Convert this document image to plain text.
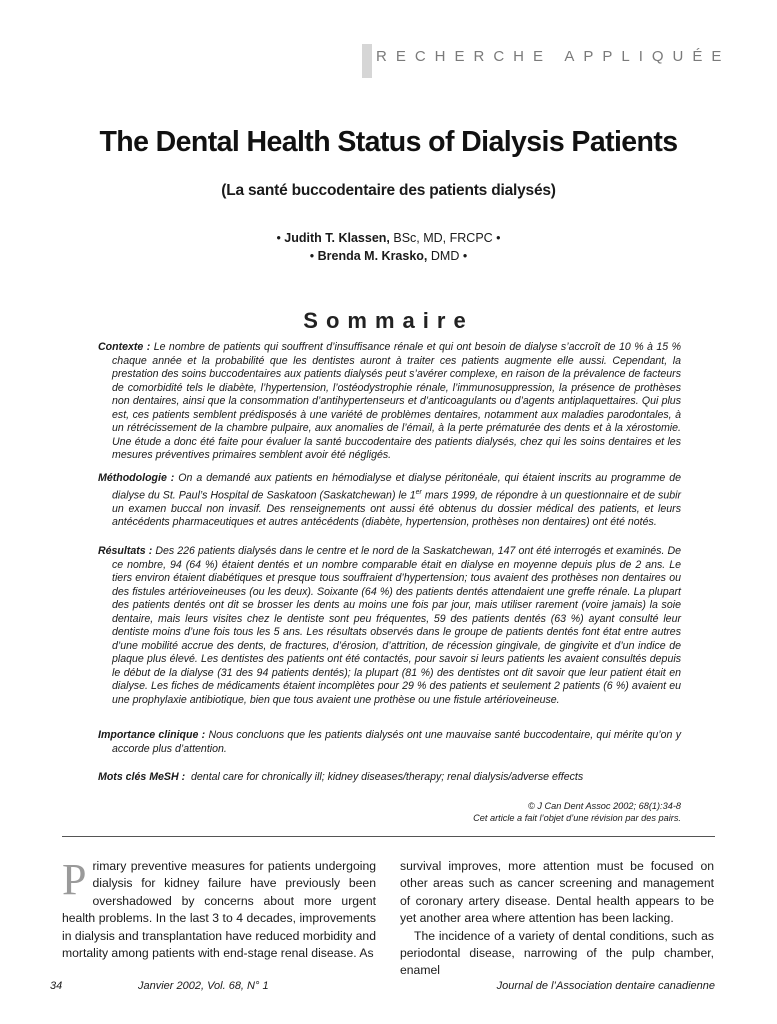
RECHERCHE APPLIQUÉE
The Dental Health Status of Dialysis Patients
(La santé buccodentaire des patients dialysés)
• Judith T. Klassen, BSc, MD, FRCPC •
• Brenda M. Krasko, DMD •
Sommaire

Contexte : Le nombre de patients qui souffrent d’insuffisance rénale et qui ont besoin de dialyse s’accroît de 10 % à 15 % chaque année et la probabilité que les dentistes auront à traiter ces patients augmente elle aussi. Cependant, la prestation des soins buccodentaires aux patients dialysés peut s’avérer complexe, en raison de la prévalence de facteurs de comorbidité tels le diabète, l’hypertension, l’ostéodystrophie rénale, l’immunosuppression, la présence de prothèses non dentaires, ainsi que la consommation d’antihypertenseurs et d’anticoagulants ou d’agents antiplaquettaires. Qui plus est, ces patients semblent prédisposés à une variété de problèmes dentaires, notamment aux maladies parodontales, à un rétrécissement de la chambre pulpaire, aux anomalies de l’émail, à la perte prématurée des dents et à la xérostomie. Une étude a donc été faite pour évaluer la santé buccodentaire des patients dialysés, chez qui les soins dentaires et les mesures préventives primaires semblent avoir été négligés.

Méthodologie : On a demandé aux patients en hémodialyse et dialyse péritonéale, qui étaient inscrits au programme de dialyse du St. Paul’s Hospital de Saskatoon (Saskatchewan) le 1er mars 1999, de répondre à un questionnaire et de subir un examen buccal non invasif. Des renseignements ont aussi été obtenus du dossier médical des patients, et leurs antécédents pharmaceutiques et autres antécédents (diabète, hypertension, prothèses non dentaires) ont été notés.

Résultats : Des 226 patients dialysés dans le centre et le nord de la Saskatchewan, 147 ont été interrogés et examinés. De ce nombre, 94 (64 %) étaient dentés et un nombre comparable était en dialyse en moyenne depuis plus de 2 ans. Le tiers environ étaient diabétiques et presque tous souffraient d’hypertension; tous avaient des prothèses non dentaires ou des fistules artérioveineuses (ou les deux). Soixante (64 %) des patients dentés attendaient une greffe rénale. La plupart des patients dentés ont dit se brosser les dents au moins une fois par jour, mais utiliser rarement (voire jamais) la soie dentaire, mais leurs visites chez le dentiste sont peu fréquentes, 59 des patients dentés (63 %) ayant consulté leur dentiste moins d’une fois tous les 5 ans. Les résultats observés dans le groupe de patients dentés font état entre autres d’une mobilité accrue des dents, de fractures, d’érosion, d’attrition, de récession gingivale, de gingivite et d’un indice de plaque plus élevé. Les dentistes des patients ont été contactés, pour savoir si leurs patients les avaient consultés depuis le début de la dialyse (31 des 94 patients dentés); la plupart (81 %) des dentistes ont dit savoir que leur patient était en dialyse. Les fiches de médicaments étaient incomplètes pour 29 % des patients et seulement 2 patients (6 %) avaient eu une prophylaxie antibiotique, bien que tous avaient une prothèse ou une fistule artérioveineuse.

Importance clinique : Nous concluons que les patients dialysés ont une mauvaise santé buccodentaire, qui mérite qu’on y accorde plus d’attention.

Mots clés MeSH : dental care for chronically ill; kidney diseases/therapy; renal dialysis/adverse effects

© J Can Dent Assoc 2002; 68(1):34-8
Cet article a fait l’objet d’une révision par des pairs.

Primary preventive measures for patients undergoing dialysis for kidney failure have previously been overshadowed by concerns about more urgent health problems. In the last 3 to 4 decades, improvements in dialysis and transplantation have reduced morbidity and mortality among patients with end-stage renal disease. As

survival improves, more attention must be focused on other areas such as cancer screening and management of coronary artery disease. Dental health appears to be yet another area where attention has been lacking.

The incidence of a variety of dental conditions, such as periodontal disease, narrowing of the pulp chamber, enamel

34	Janvier 2002, Vol. 68, N° 1	Journal de l’Association dentaire canadienne
